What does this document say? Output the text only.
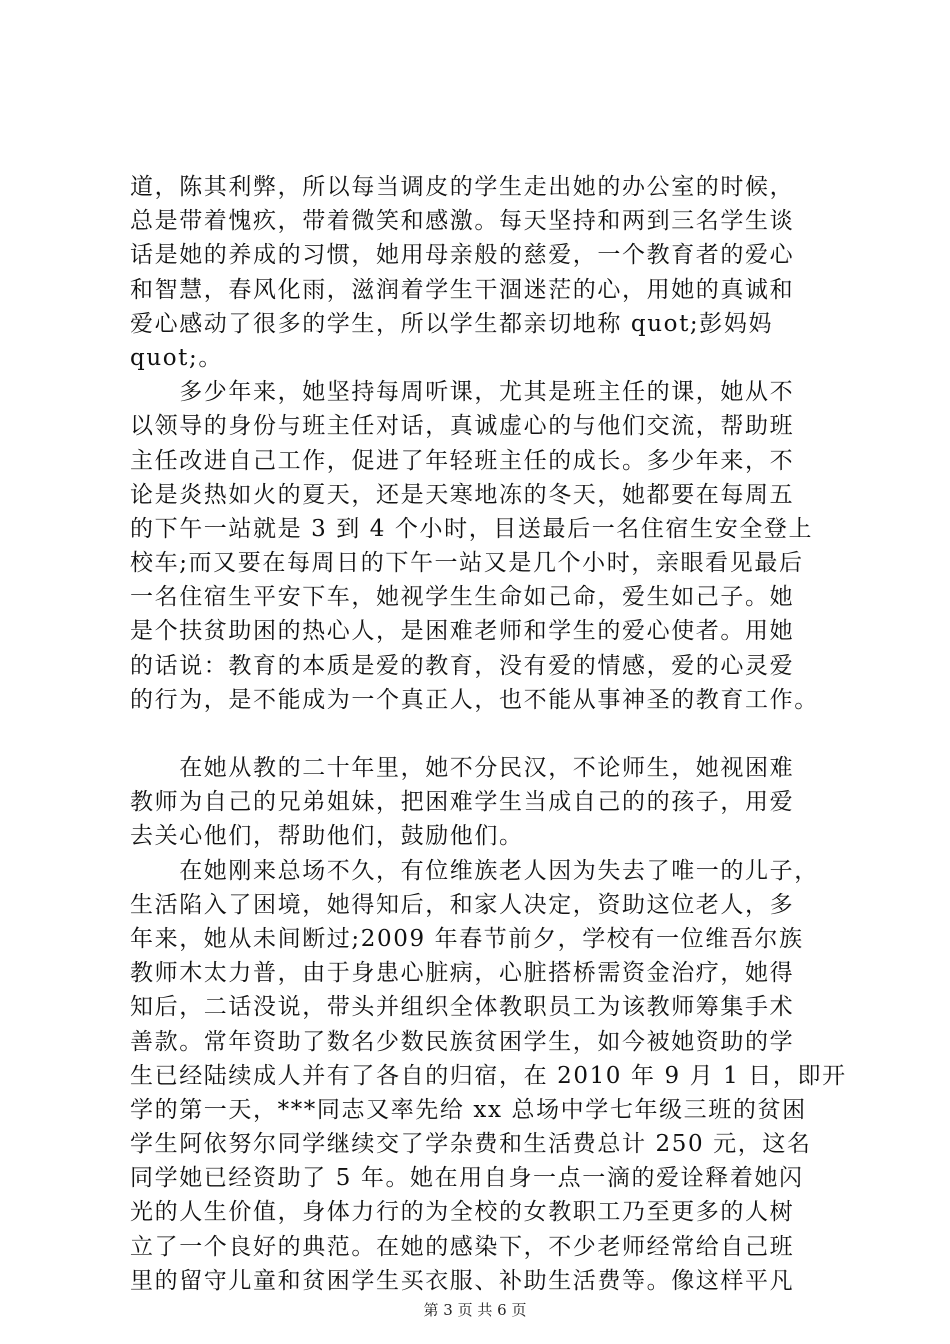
道，陈其利弊，所以每当调皮的学生走出她的办公室的时候，
总是带着愧疚，带着微笑和感激。每天坚持和两到三名学生谈
话是她的养成的习惯，她用母亲般的慈爱，一个教育者的爱心
和智慧，春风化雨，滋润着学生干涸迷茫的心，用她的真诚和
爱心感动了很多的学生，所以学生都亲切地称 quot;彭妈妈
quot;。
　　多少年来，她坚持每周听课，尤其是班主任的课，她从不
以领导的身份与班主任对话，真诚虚心的与他们交流，帮助班
主任改进自己工作，促进了年轻班主任的成长。多少年来，不
论是炎热如火的夏天，还是天寒地冻的冬天，她都要在每周五
的下午一站就是 3 到 4 个小时，目送最后一名住宿生安全登上
校车;而又要在每周日的下午一站又是几个小时，亲眼看见最后
一名住宿生平安下车，她视学生生命如己命，爱生如己子。她
是个扶贫助困的热心人，是困难老师和学生的爱心使者。用她
的话说：教育的本质是爱的教育，没有爱的情感，爱的心灵爱
的行为，是不能成为一个真正人，也不能从事神圣的教育工作。
　　在她从教的二十年里，她不分民汉，不论师生，她视困难
教师为自己的兄弟姐妹，把困难学生当成自己的的孩子，用爱
去关心他们，帮助他们，鼓励他们。
　　在她刚来总场不久，有位维族老人因为失去了唯一的儿子，
生活陷入了困境，她得知后，和家人决定，资助这位老人，多
年来，她从未间断过;2009 年春节前夕，学校有一位维吾尔族
教师木太力普，由于身患心脏病，心脏搭桥需资金治疗，她得
知后，二话没说，带头并组织全体教职员工为该教师筹集手术
善款。常年资助了数名少数民族贫困学生，如今被她资助的学
生已经陆续成人并有了各自的归宿，在 2010 年 9 月 1 日，即开
学的第一天，***同志又率先给 xx 总场中学七年级三班的贫困
学生阿依努尔同学继续交了学杂费和生活费总计 250 元，这名
同学她已经资助了 5 年。她在用自身一点一滴的爱诠释着她闪
光的人生价值，身体力行的为全校的女教职工乃至更多的人树
立了一个良好的典范。在她的感染下，不少老师经常给自己班
里的留守儿童和贫困学生买衣服、补助生活费等。像这样平凡
第 3 页 共 6 页
